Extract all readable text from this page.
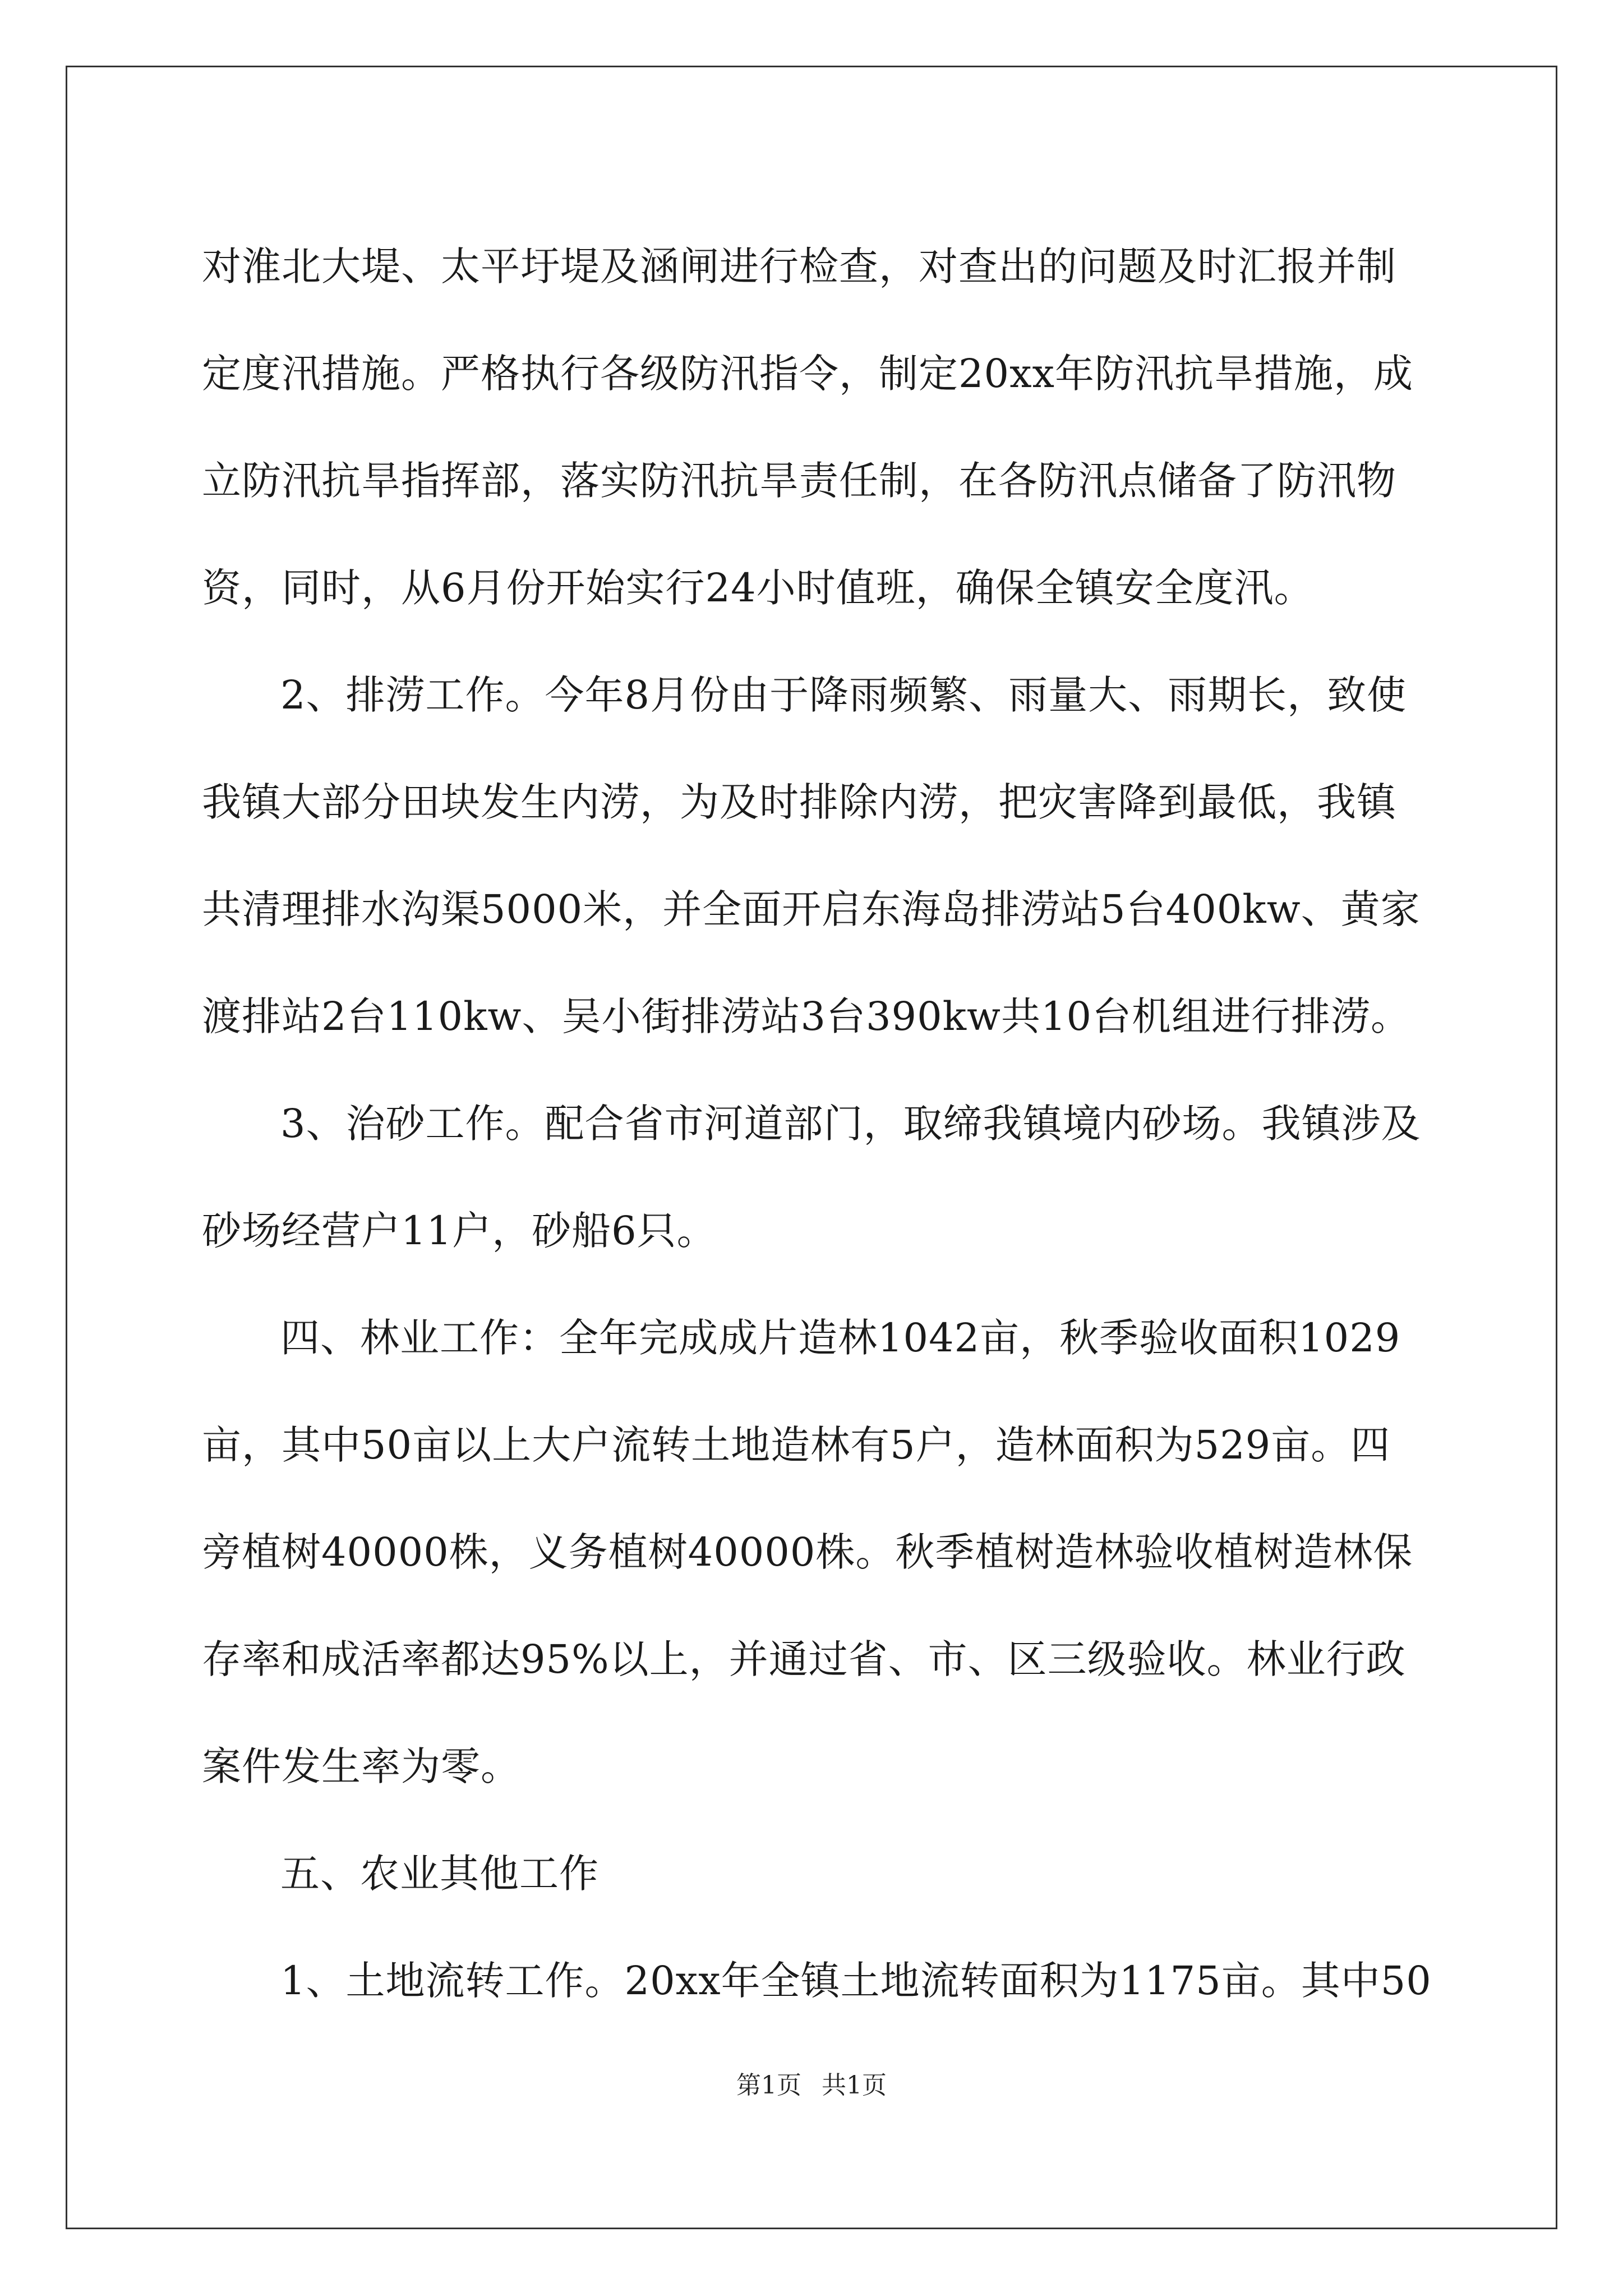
对淮北大堤、太平圩堤及涵闸进行检查，对查出的问题及时汇报并制
定度汛措施。严格执行各级防汛指令，制定20xx年防汛抗旱措施，成
立防汛抗旱指挥部，落实防汛抗旱责任制，在各防汛点储备了防汛物
资，同时，从6月份开始实行24小时值班，确保全镇安全度汛。
2、排涝工作。今年8月份由于降雨频繁、雨量大、雨期长，致使
我镇大部分田块发生内涝，为及时排除内涝，把灾害降到最低，我镇
共清理排水沟渠5000米，并全面开启东海岛排涝站5台400kw、黄家
渡排站2台110kw、吴小街排涝站3台390kw共10台机组进行排涝。
3、治砂工作。配合省市河道部门，取缔我镇境内砂场。我镇涉及
砂场经营户11户，砂船6只。
四、林业工作：全年完成成片造林1042亩，秋季验收面积1029
亩，其中50亩以上大户流转土地造林有5户，造林面积为529亩。四
旁植树40000株，义务植树40000株。秋季植树造林验收植树造林保
存率和成活率都达95%以上，并通过省、市、区三级验收。林业行政
案件发生率为零。
五、农业其他工作
1、土地流转工作。20xx年全镇土地流转面积为1175亩。其中50
第1页 共1页
